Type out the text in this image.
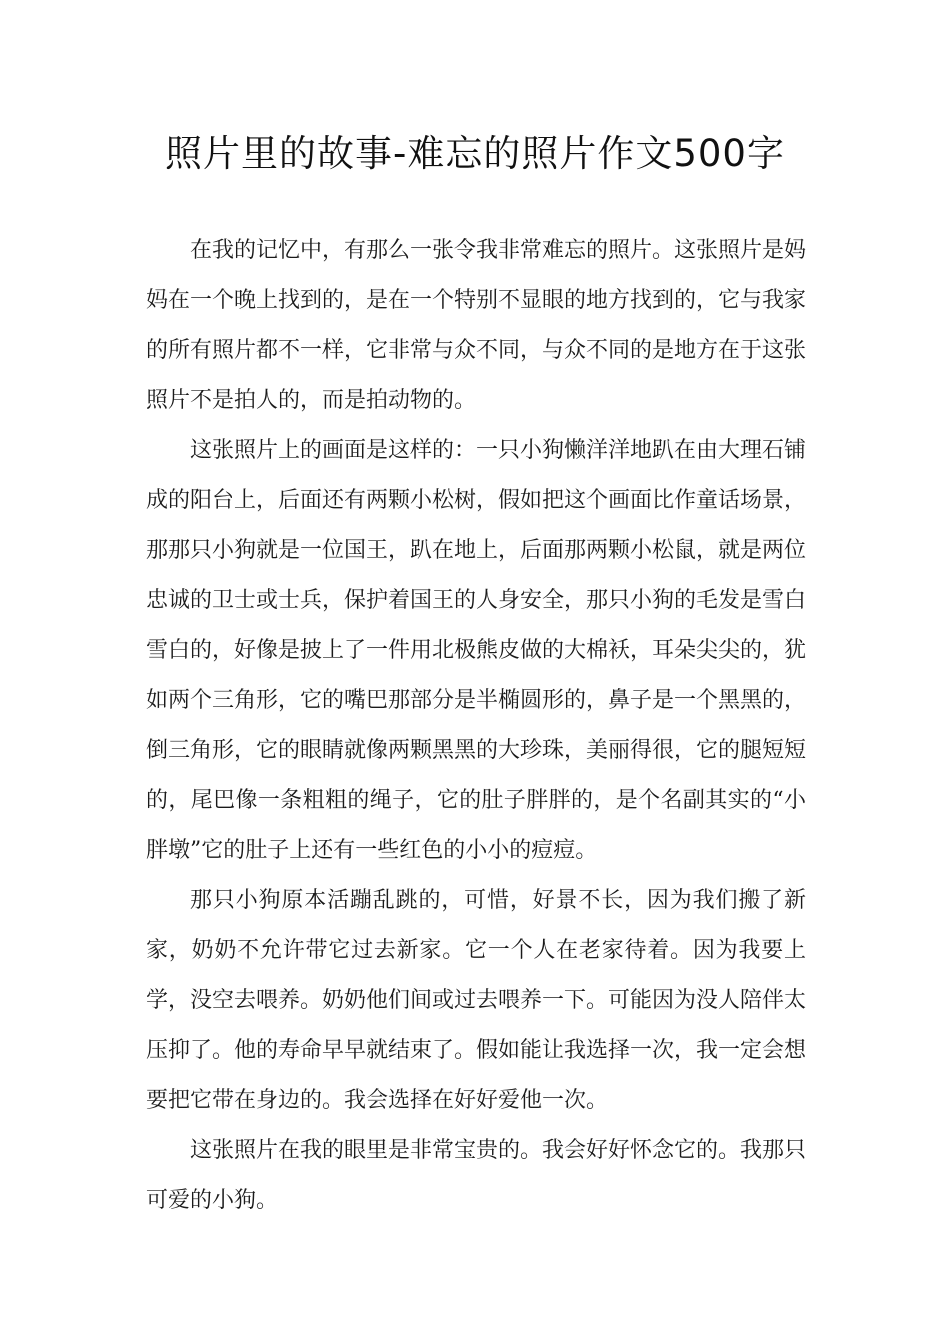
照片里的故事-难忘的照片作文500字

在我的记忆中，有那么一张令我非常难忘的照片。这张照片是妈妈在一个晚上找到的，是在一个特别不显眼的地方找到的，它与我家的所有照片都不一样，它非常与众不同，与众不同的是地方在于这张照片不是拍人的，而是拍动物的。

这张照片上的画面是这样的：一只小狗懒洋洋地趴在由大理石铺成的阳台上，后面还有两颗小松树，假如把这个画面比作童话场景，那那只小狗就是一位国王，趴在地上，后面那两颗小松鼠，就是两位忠诚的卫士或士兵，保护着国王的人身安全，那只小狗的毛发是雪白雪白的，好像是披上了一件用北极熊皮做的大棉袄，耳朵尖尖的，犹如两个三角形，它的嘴巴那部分是半椭圆形的，鼻子是一个黑黑的，倒三角形，它的眼睛就像两颗黑黑的大珍珠，美丽得很，它的腿短短的，尾巴像一条粗粗的绳子，它的肚子胖胖的，是个名副其实的“小胖墩”它的肚子上还有一些红色的小小的痘痘。

那只小狗原本活蹦乱跳的，可惜，好景不长，因为我们搬了新家，奶奶不允许带它过去新家。它一个人在老家待着。因为我要上学，没空去喂养。奶奶他们间或过去喂养一下。可能因为没人陪伴太压抑了。他的寿命早早就结束了。假如能让我选择一次，我一定会想要把它带在身边的。我会选择在好好爱他一次。

这张照片在我的眼里是非常宝贵的。我会好好怀念它的。我那只可爱的小狗。
